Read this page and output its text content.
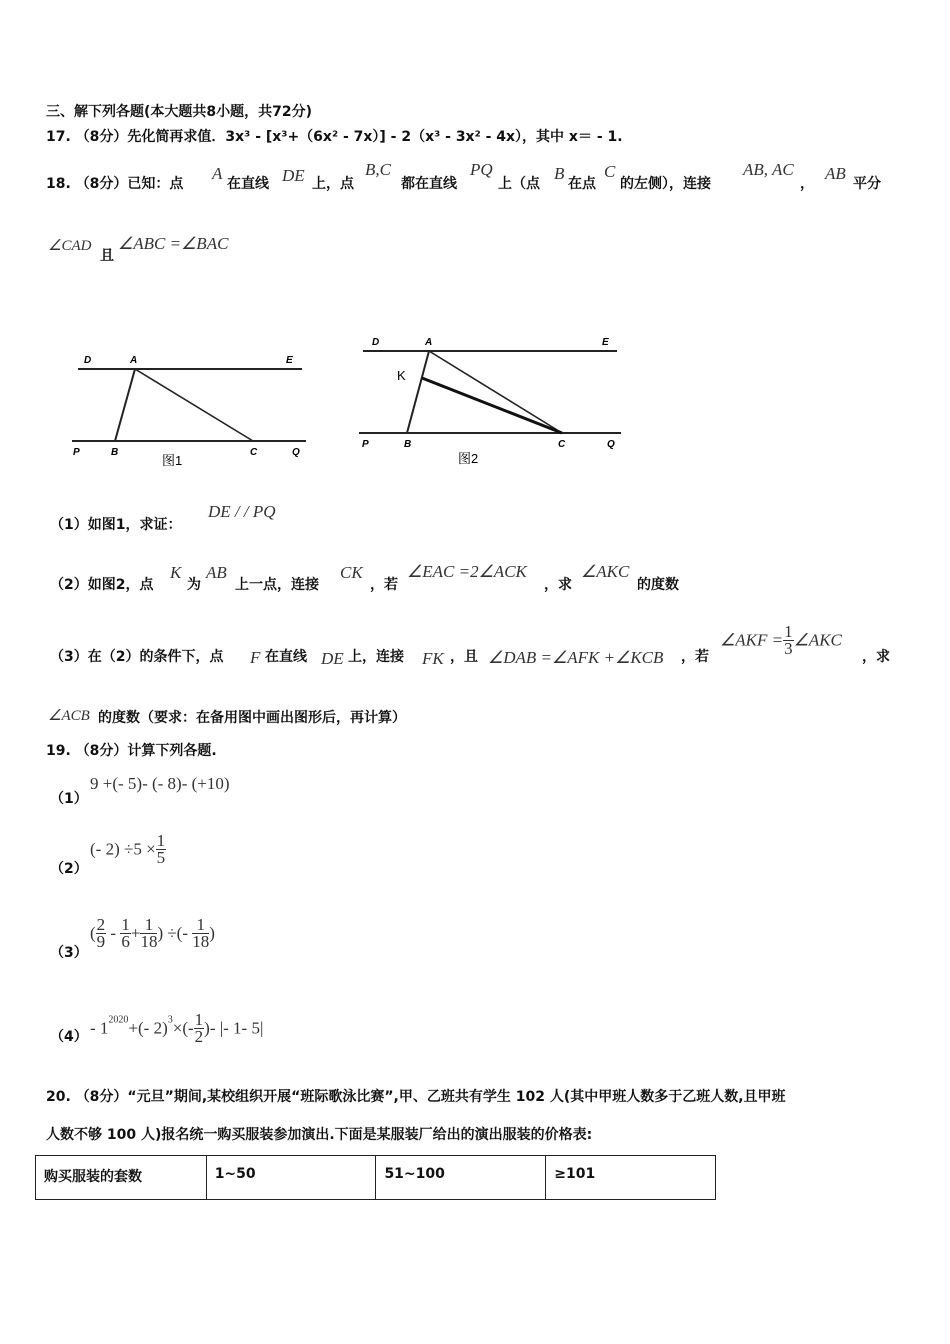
三、解下列各题(本大题共8小题，共72分)
17. （8分）先化简再求值．3x³ - [x³+（6x² - 7x）] - 2（x³ - 3x² - 4x），其中 x＝ - 1.
18. （8分）已知：点
A
在直线 DE 上，点
B,C
都在直线
PQ
上（点
B
在点
C
的左侧），连接
AB, AC
，
AB
平分
∠CAD
且
∠ABC =∠BAC
D	A	E
P	B	C	Q
图1
D	A	E
K
P	B	C	Q
图2
（1）如图1，求证：
DE / / PQ
（2）如图2，点
K
为
AB
上一点，连接
CK
，若
∠EAC =2∠ACK
，求
∠AKC
的度数
（3）在（2）的条件下，点 F 在直线 DE 上，连接 FK ，且 ∠DAB =∠AFK +∠KCB ，若
∠AKF = $\frac{1}{3}$ ∠AKC
，求
∠ACB 的度数（要求：在备用图中画出图形后，再计算）
19. （8分）计算下列各题.
（1）
9 +(- 5)- (- 8)- (+10)
（2）
(- $2) \div 5 \times \frac{1}{5}$
（3）
( $\frac{2}{9} - \frac{1}{6} + \frac{1}{18}$ ) ÷(- $\frac{1}{18}$ )
$(4) - 1^{2020}+(-$ $2)^3\times(- \frac{1}{2}$ )- |- 1- 5|
20. （8分）“元旦”期间,某校组织开展“班际歌泳比赛”,甲、乙班共有学生 102 人(其中甲班人数多于乙班人数,且甲班
人数不够 100 人)报名统一购买服装参加演出.下面是某服装厂给出的演出服装的价格表:
购买服装的套数	1~50	51~100	≥101
